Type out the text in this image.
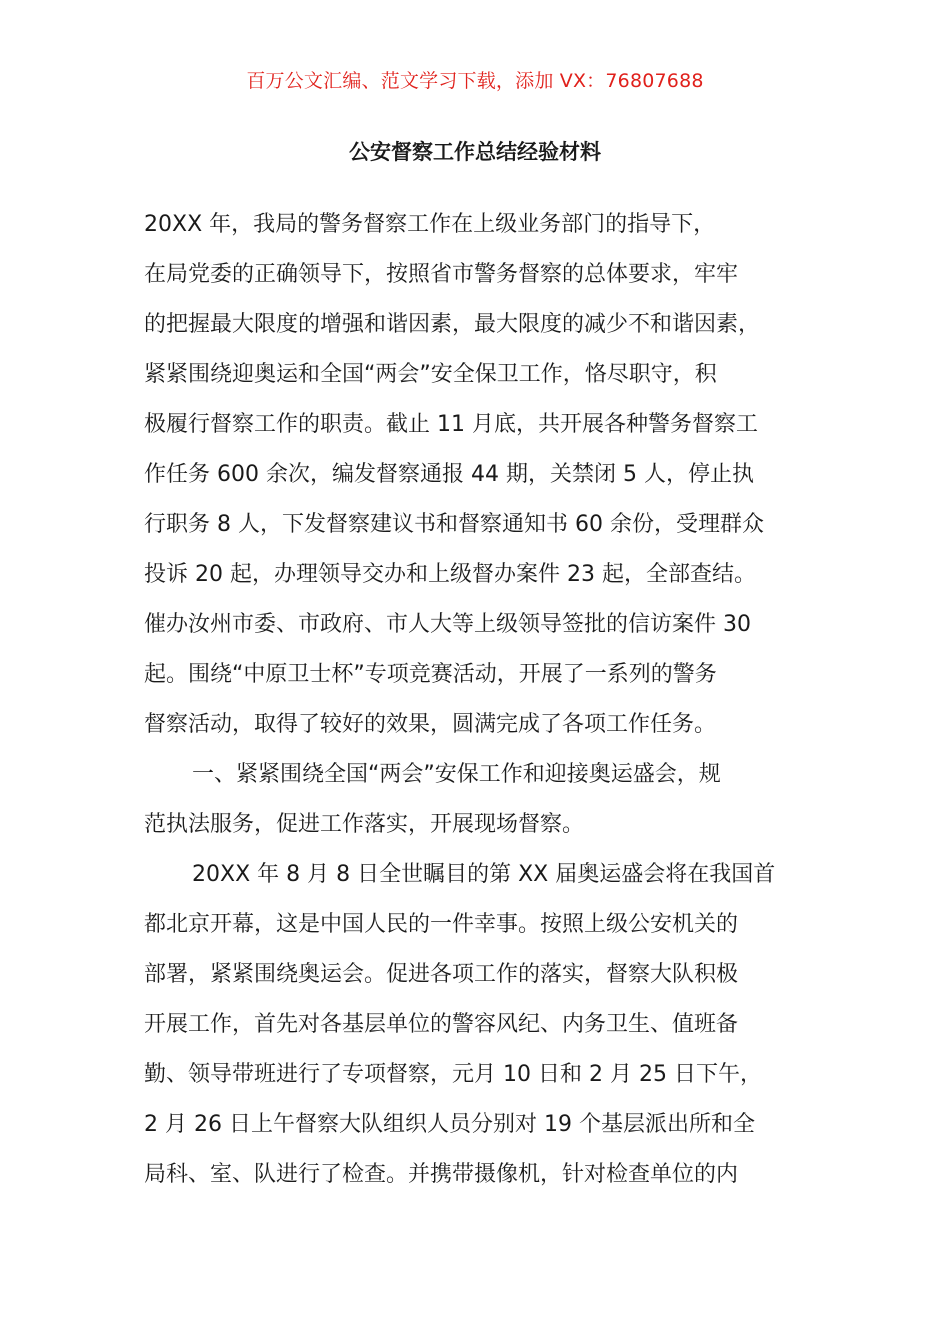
百万公文汇编、范文学习下载，添加 VX：76807688
公安督察工作总结经验材料
20XX 年，我局的警务督察工作在上级业务部门的指导下，
在局党委的正确领导下，按照省市警务督察的总体要求，牢牢
的把握最大限度的增强和谐因素，最大限度的减少不和谐因素，
紧紧围绕迎奥运和全国“两会”安全保卫工作，恪尽职守，积
极履行督察工作的职责。截止 11 月底，共开展各种警务督察工
作任务 600 余次，编发督察通报 44 期，关禁闭 5 人，停止执
行职务 8 人，下发督察建议书和督察通知书 60 余份，受理群众
投诉 20 起，办理领导交办和上级督办案件 23 起，全部查结。
催办汝州市委、市政府、市人大等上级领导签批的信访案件 30
起。围绕“中原卫士杯”专项竞赛活动，开展了一系列的警务
督察活动，取得了较好的效果，圆满完成了各项工作任务。
一、紧紧围绕全国“两会”安保工作和迎接奥运盛会，规
范执法服务，促进工作落实，开展现场督察。
20XX 年 8 月 8 日全世瞩目的第 XX 届奥运盛会将在我国首
都北京开幕，这是中国人民的一件幸事。按照上级公安机关的
部署，紧紧围绕奥运会。促进各项工作的落实，督察大队积极
开展工作，首先对各基层单位的警容风纪、内务卫生、值班备
勤、领导带班进行了专项督察，元月 10 日和 2 月 25 日下午，
2 月 26 日上午督察大队组织人员分别对 19 个基层派出所和全
局科、室、队进行了检查。并携带摄像机，针对检查单位的内
